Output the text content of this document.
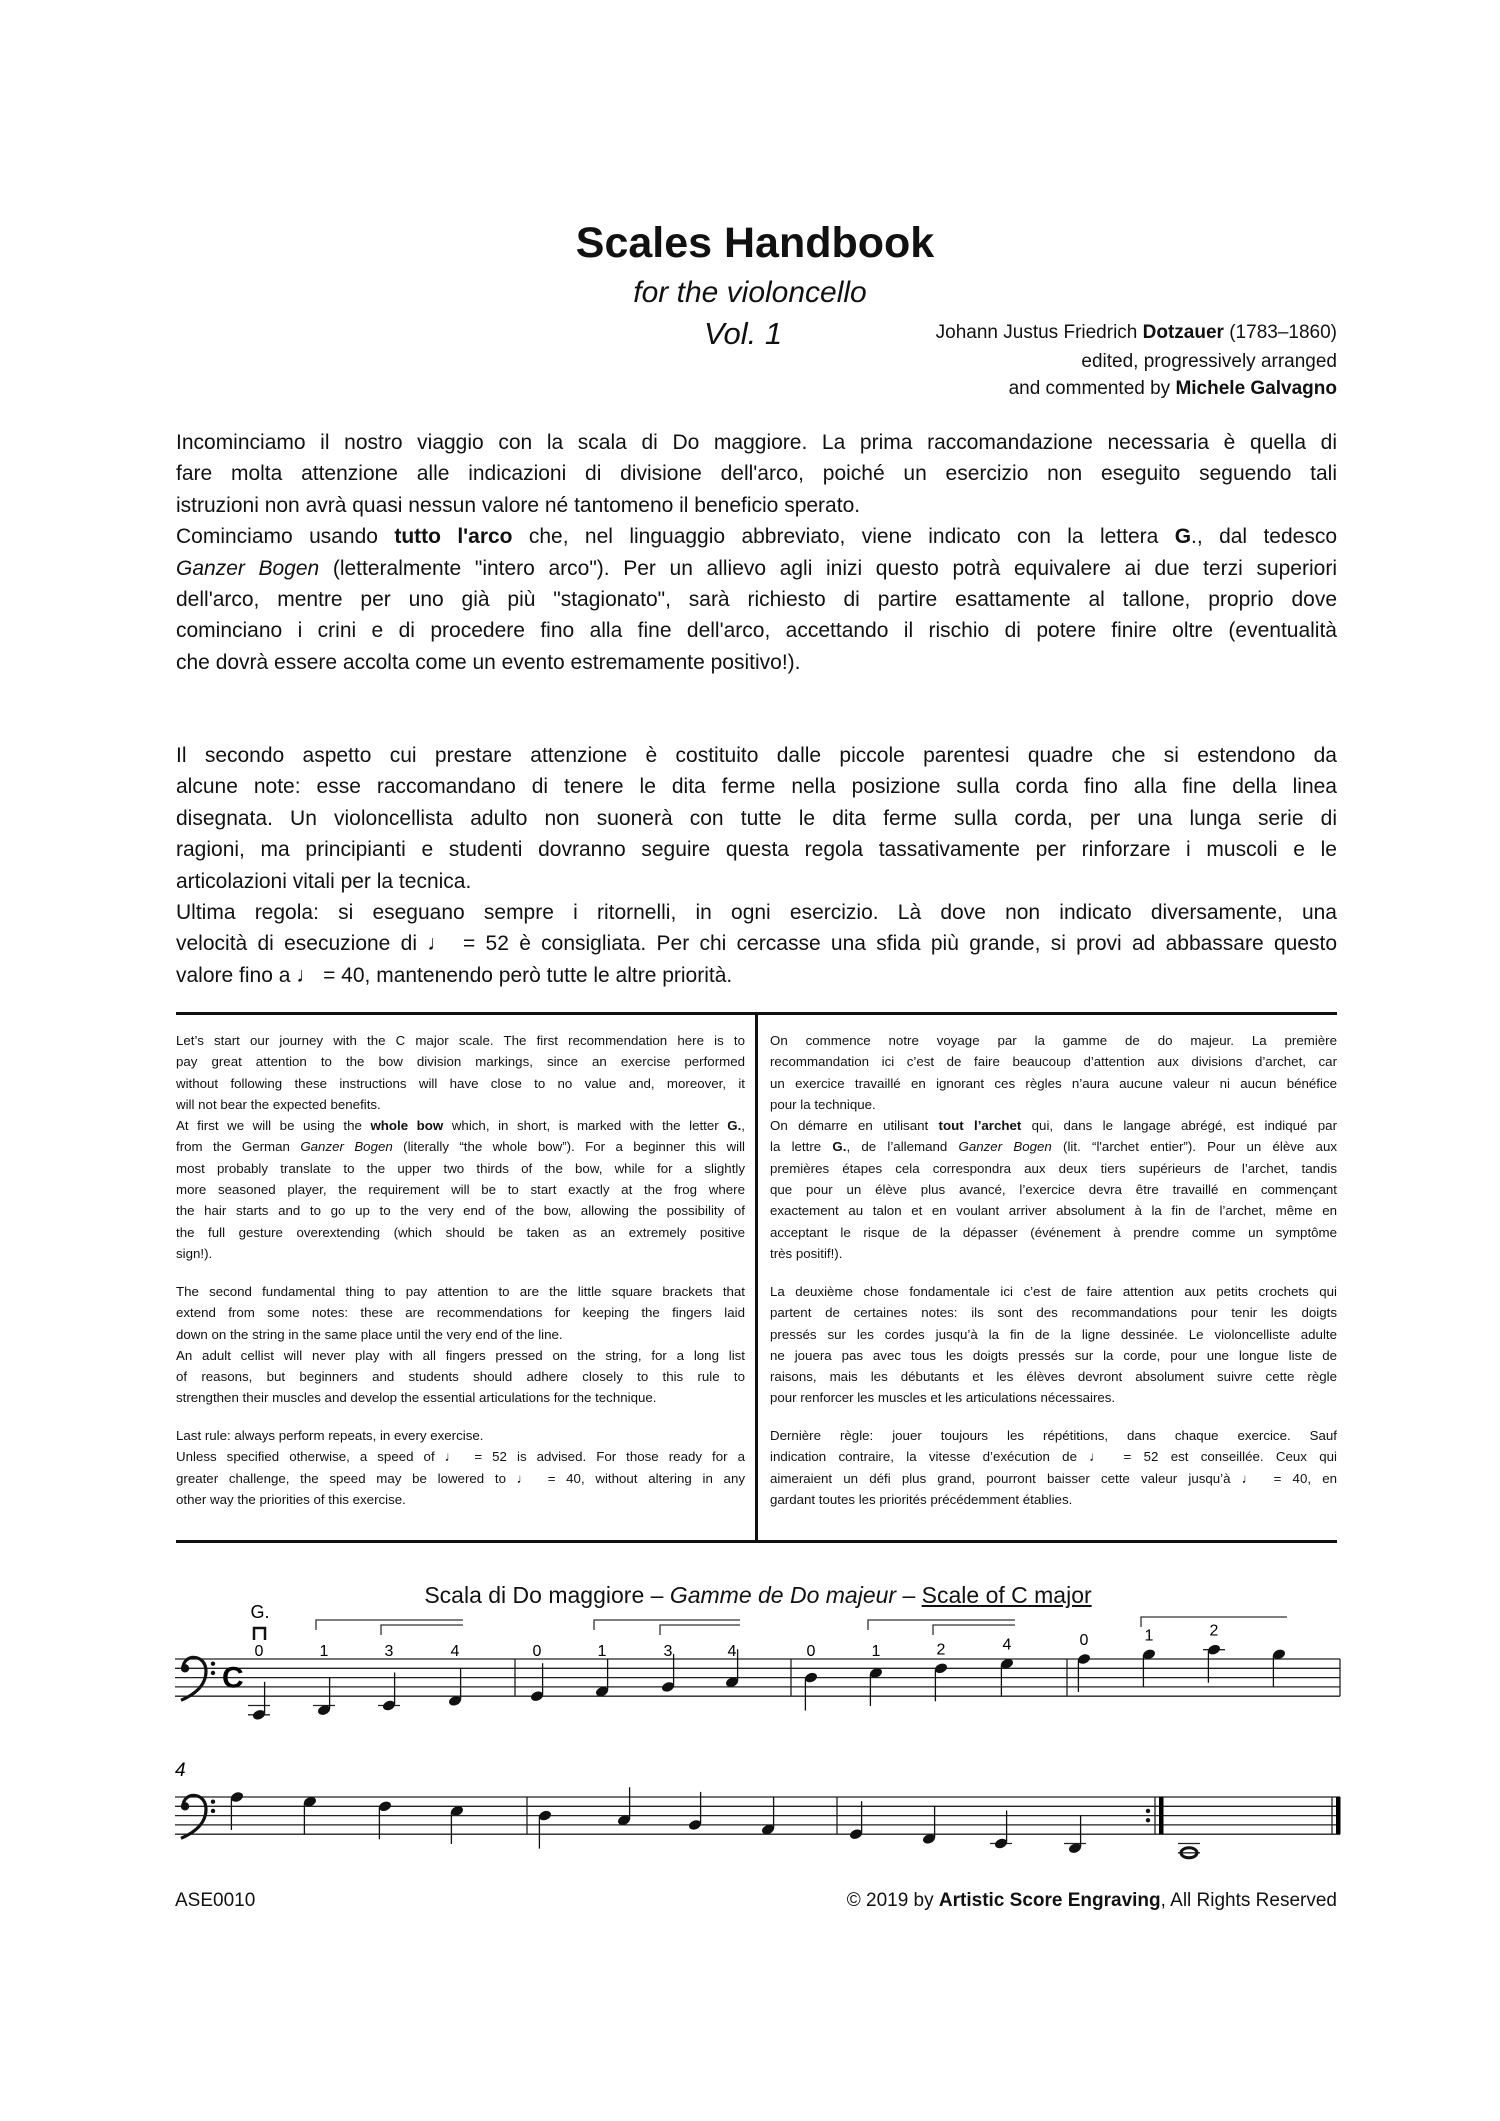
Scales Handbook
for the violoncello
Vol. 1	Johann Justus Friedrich Dotzauer (1783–1860)
edited, progressively arranged
and commented by Michele Galvagno
Incominciamo il nostro viaggio con la scala di Do maggiore. La prima raccomandazione necessaria è quella di
fare molta attenzione alle indicazioni di divisione dell'arco, poiché un esercizio non eseguito seguendo tali
istruzioni non avrà quasi nessun valore né tantomeno il beneficio sperato.
Cominciamo usando tutto l'arco che, nel linguaggio abbreviato, viene indicato con la lettera G., dal tedesco
Ganzer Bogen (letteralmente "intero arco"). Per un allievo agli inizi questo potrà equivalere ai due terzi superiori
dell'arco, mentre per uno già più "stagionato", sarà richiesto di partire esattamente al tallone, proprio dove
cominciano i crini e di procedere fino alla fine dell'arco, accettando il rischio di potere finire oltre (eventualità
che dovrà essere accolta come un evento estremamente positivo!).
Il secondo aspetto cui prestare attenzione è costituito dalle piccole parentesi quadre che si estendono da
alcune note: esse raccomandano di tenere le dita ferme nella posizione sulla corda fino alla fine della linea
disegnata. Un violoncellista adulto non suonerà con tutte le dita ferme sulla corda, per una lunga serie di
ragioni, ma principianti e studenti dovranno seguire questa regola tassativamente per rinforzare i muscoli e le
articolazioni vitali per la tecnica.
Ultima regola: si eseguano sempre i ritornelli, in ogni esercizio. Là dove non indicato diversamente, una
velocità di esecuzione di ♩ = 52 è consigliata. Per chi cercasse una sfida più grande, si provi ad abbassare questo
valore fino a ♩ = 40, mantenendo però tutte le altre priorità.
Let’s start our journey with the C major scale. The first recommendation here is to
pay great attention to the bow division markings, since an exercise performed
without following these instructions will have close to no value and, moreover, it
will not bear the expected benefits.
At first we will be using the whole bow which, in short, is marked with the letter G.,
from the German Ganzer Bogen (literally “the whole bow”). For a beginner this will
most probably translate to the upper two thirds of the bow, while for a slightly
more seasoned player, the requirement will be to start exactly at the frog where
the hair starts and to go up to the very end of the bow, allowing the possibility of
the full gesture overextending (which should be taken as an extremely positive
sign!).
The second fundamental thing to pay attention to are the little square brackets that
extend from some notes: these are recommendations for keeping the fingers laid
down on the string in the same place until the very end of the line.
An adult cellist will never play with all fingers pressed on the string, for a long list
of reasons, but beginners and students should adhere closely to this rule to
strengthen their muscles and develop the essential articulations for the technique.
Last rule: always perform repeats, in every exercise.
Unless specified otherwise, a speed of ♩ = 52 is advised. For those ready for a
greater challenge, the speed may be lowered to ♩ = 40, without altering in any
other way the priorities of this exercise.
On commence notre voyage par la gamme de do majeur. La première
recommandation ici c’est de faire beaucoup d’attention aux divisions d’archet, car
un exercice travaillé en ignorant ces règles n’aura aucune valeur ni aucun bénéfice
pour la technique.
On démarre en utilisant tout l’archet qui, dans le langage abrégé, est indiqué par
la lettre G., de l’allemand Ganzer Bogen (lit. “l'archet entier”). Pour un élève aux
premières étapes cela correspondra aux deux tiers supérieurs de l’archet, tandis
que pour un élève plus avancé, l’exercice devra être travaillé en commençant
exactement au talon et en voulant arriver absolument à la fin de l’archet, même en
acceptant le risque de la dépasser (événement à prendre comme un symptôme
très positif!).
La deuxième chose fondamentale ici c’est de faire attention aux petits crochets qui
partent de certaines notes: ils sont des recommandations pour tenir les doigts
pressés sur les cordes jusqu’à la fin de la ligne dessinée. Le violoncelliste adulte
ne jouera pas avec tous les doigts pressés sur la corde, pour une longue liste de
raisons, mais les débutants et les élèves devront absolument suivre cette règle
pour renforcer les muscles et les articulations nécessaires.
Dernière règle: jouer toujours les répétitions, dans chaque exercice. Sauf
indication contraire, la vitesse d’exécution de ♩ = 52 est conseillée. Ceux qui
aimeraient un défi plus grand, pourront baisser cette valeur jusqu’à ♩ = 40, en
gardant toutes les priorités précédemment établies.
Scala di Do maggiore – Gamme de Do majeur – Scale of C major
C
0	1	3	4	0	1	3	4	0	1	2	4	0	1	2
G.
4
ASE0010	© 2019 by Artistic Score Engraving, All Rights Reserved
